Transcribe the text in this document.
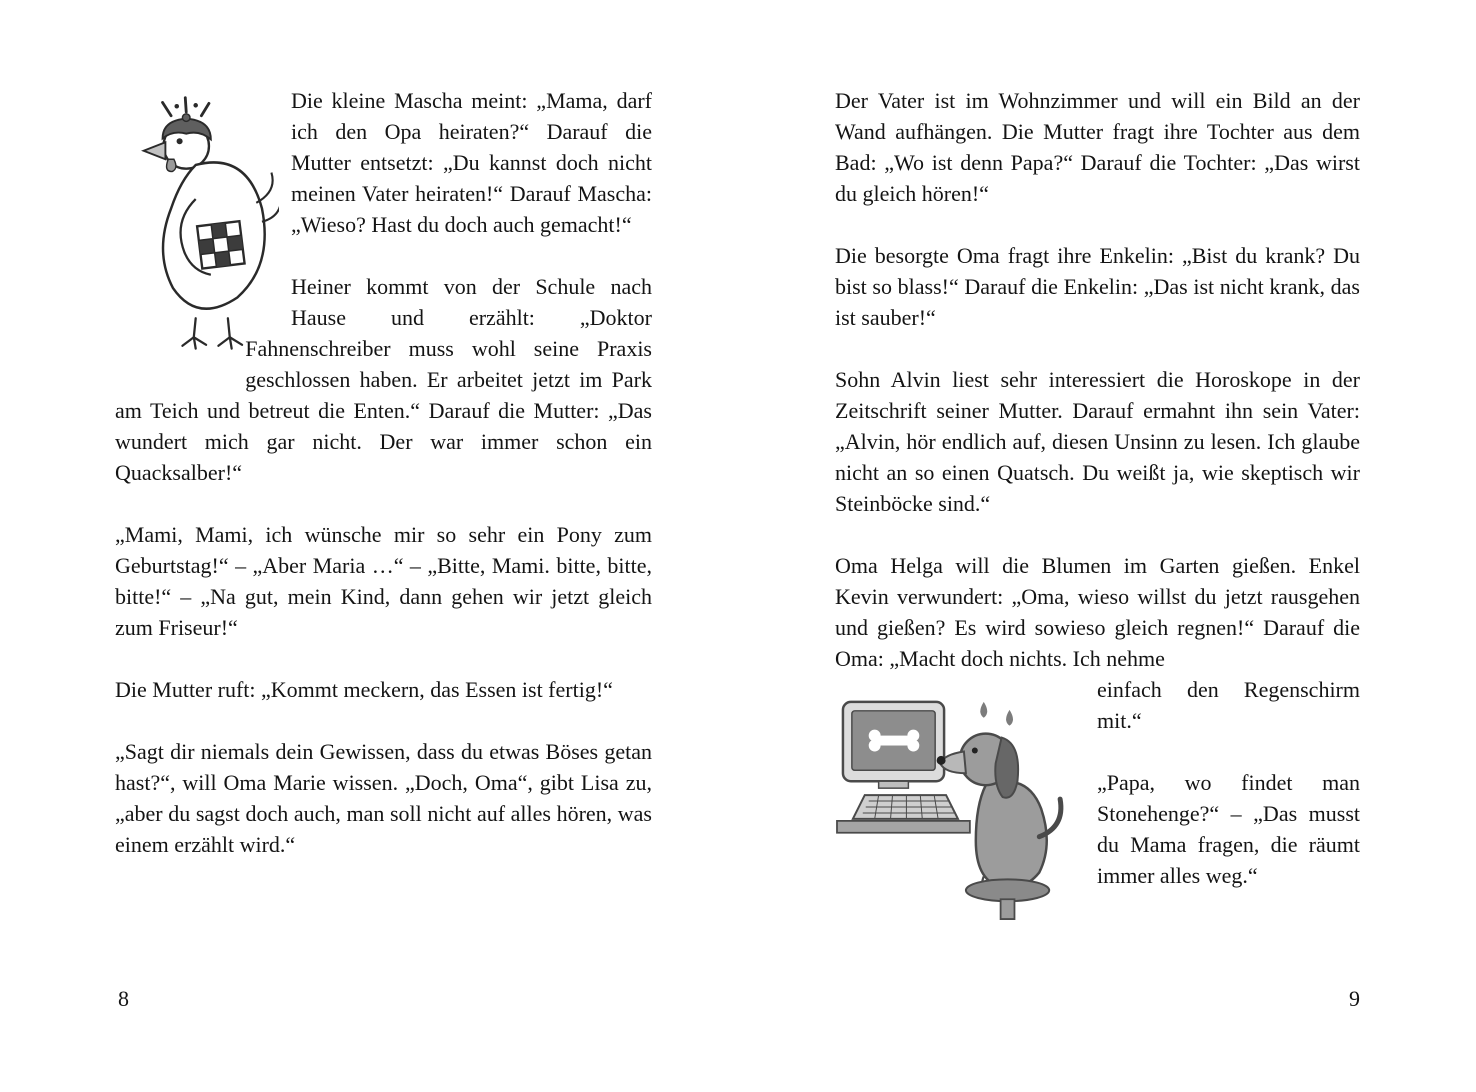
Die kleine Mascha meint: „Mama, darf ich den Opa heiraten?“ Darauf die Mutter entsetzt: „Du kannst doch nicht meinen Vater heiraten!“ Darauf Mascha: „Wieso? Hast du doch auch gemacht!“

Heiner kommt von der Schule nach Hause und erzählt: „Doktor Fahnenschreiber muss wohl seine Praxis geschlossen haben. Er arbeitet jetzt im Park am Teich und betreut die Enten.“ Darauf die Mutter: „Das wundert mich gar nicht. Der war immer schon ein Quacksalber!“

„Mami, Mami, ich wünsche mir so sehr ein Pony zum Geburtstag!“ – „Aber Maria …“ – „Bitte, Mami. bitte, bitte, bitte!“ – „Na gut, mein Kind, dann gehen wir jetzt gleich zum Friseur!“

Die Mutter ruft: „Kommt meckern, das Essen ist fertig!“

„Sagt dir niemals dein Gewissen, dass du etwas Böses getan hast?“, will Oma Marie wissen. „Doch, Oma“, gibt Lisa zu, „aber du sagst doch auch, man soll nicht auf alles hören, was einem erzählt wird.“

8

Der Vater ist im Wohnzimmer und will ein Bild an der Wand aufhängen. Die Mutter fragt ihre Tochter aus dem Bad: „Wo ist denn Papa?“ Darauf die Tochter: „Das wirst du gleich hören!“

Die besorgte Oma fragt ihre Enkelin: „Bist du krank? Du bist so blass!“ Darauf die Enkelin: „Das ist nicht krank, das ist sauber!“

Sohn Alvin liest sehr interessiert die Horoskope in der Zeitschrift seiner Mutter. Darauf ermahnt ihn sein Vater: „Alvin, hör endlich auf, diesen Unsinn zu lesen. Ich glaube nicht an so einen Quatsch. Du weißt ja, wie skeptisch wir Steinböcke sind.“

Oma Helga will die Blumen im Garten gießen. Enkel Kevin verwundert: „Oma, wieso willst du jetzt rausgehen und gießen? Es wird sowieso gleich regnen!“ Darauf die Oma: „Macht doch nichts. Ich nehme

einfach den Regenschirm mit.“

„Papa, wo findet man Stonehenge?“ – „Das musst du Mama fragen, die räumt immer alles weg.“

9
